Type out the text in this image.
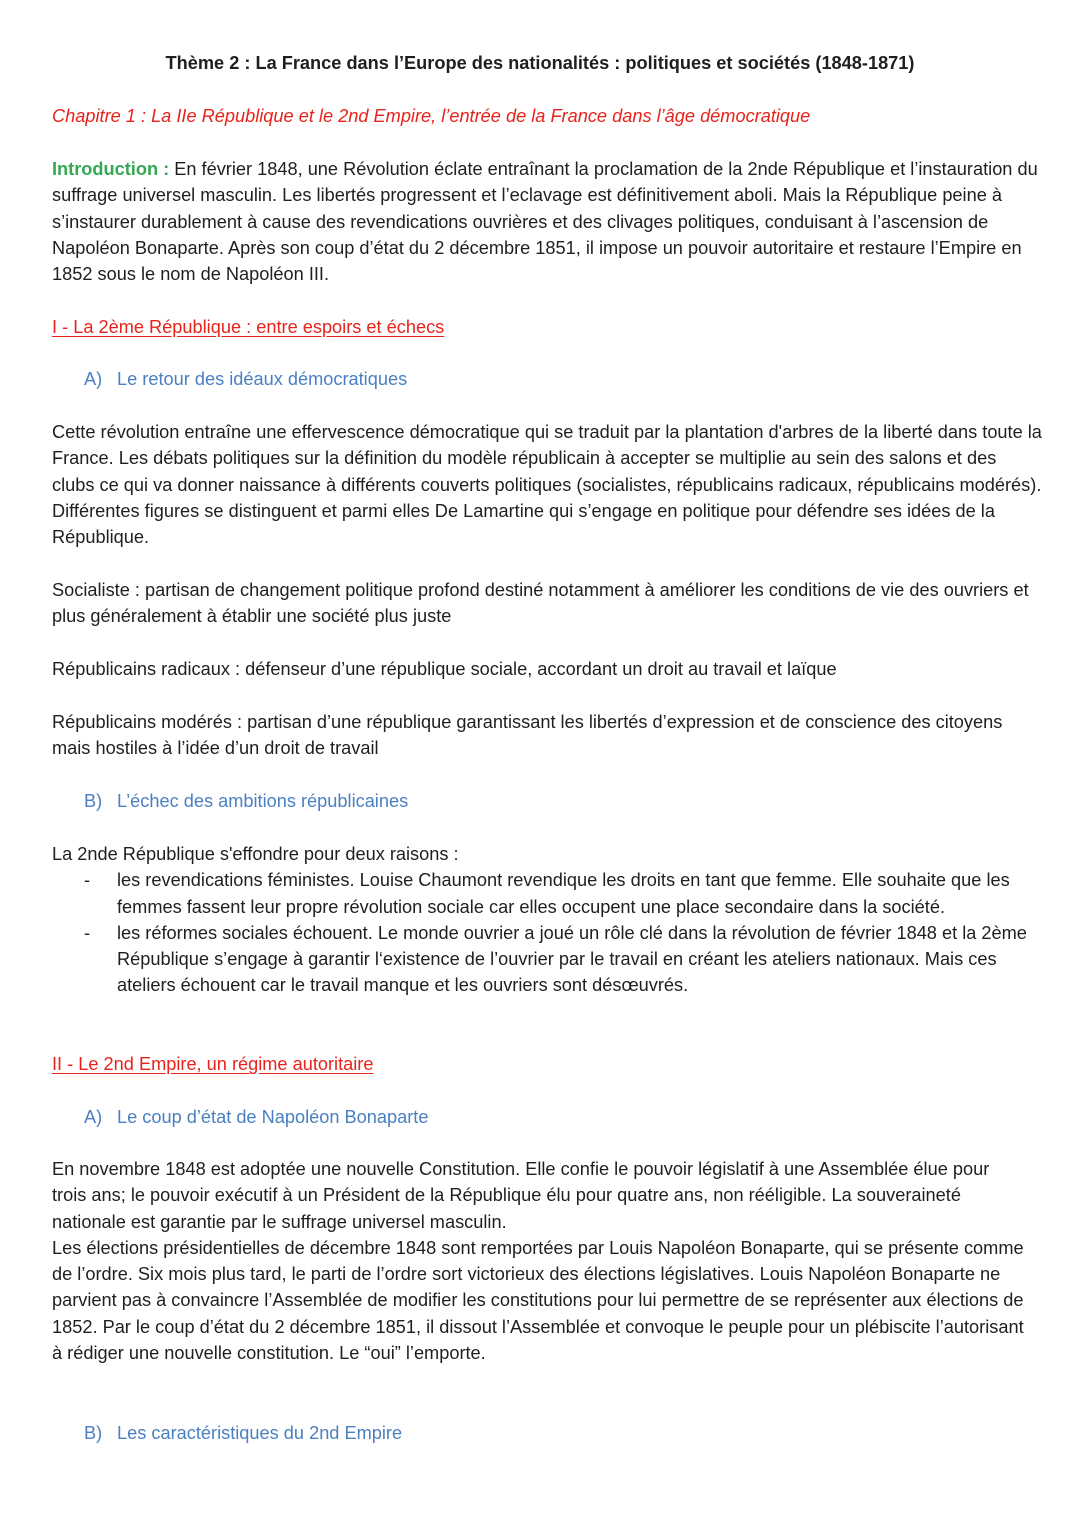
Thème 2 : La France dans l’Europe des nationalités : politiques et sociétés (1848-1871)

Chapitre 1 : La IIe République et le 2nd Empire, l’entrée de la France dans l’âge démocratique

Introduction : En février 1848, une Révolution éclate entraînant la proclamation de la 2nde République et l’instauration du suffrage universel masculin. Les libertés progressent et l’eclavage est définitivement aboli. Mais la République peine à s’instaurer durablement à cause des revendications ouvrières et des clivages politiques, conduisant à l’ascension de Napoléon Bonaparte. Après son coup d’état du 2 décembre 1851, il impose un pouvoir autoritaire et restaure l’Empire en 1852 sous le nom de Napoléon III.

I - La 2ème République : entre espoirs et échecs

A) Le retour des idéaux démocratiques

Cette révolution entraîne une effervescence démocratique qui se traduit par la plantation d'arbres de la liberté dans toute la France. Les débats politiques sur la définition du modèle républicain à accepter se multiplie au sein des salons et des clubs ce qui va donner naissance à différents couverts politiques (socialistes, républicains radicaux, républicains modérés). Différentes figures se distinguent et parmi elles De Lamartine qui s’engage en politique pour défendre ses idées de la République.

Socialiste : partisan de changement politique profond destiné notamment à améliorer les conditions de vie des ouvriers et plus généralement à établir une société plus juste

Républicains radicaux : défenseur d’une république sociale, accordant un droit au travail et laïque

Républicains modérés : partisan d’une république garantissant les libertés d’expression et de conscience des citoyens mais hostiles à l’idée d’un droit de travail

B) L’échec des ambitions républicaines

La 2nde République s'effondre pour deux raisons :
- les revendications féministes. Louise Chaumont revendique les droits en tant que femme. Elle souhaite que les femmes fassent leur propre révolution sociale car elles occupent une place secondaire dans la société.
- les réformes sociales échouent. Le monde ouvrier a joué un rôle clé dans la révolution de février 1848 et la 2ème République s’engage à garantir l‘existence de l’ouvrier par le travail en créant les ateliers nationaux. Mais ces ateliers échouent car le travail manque et les ouvriers sont désœuvrés.

II - Le 2nd Empire, un régime autoritaire

A) Le coup d’état de Napoléon Bonaparte

En novembre 1848 est adoptée une nouvelle Constitution. Elle confie le pouvoir législatif à une Assemblée élue pour trois ans; le pouvoir exécutif à un Président de la République élu pour quatre ans, non rééligible. La souveraineté nationale est garantie par le suffrage universel masculin.

Les élections présidentielles de décembre 1848 sont remportées par Louis Napoléon Bonaparte, qui se présente comme de l’ordre. Six mois plus tard, le parti de l’ordre sort victorieux des élections législatives. Louis Napoléon Bonaparte ne parvient pas à convaincre l’Assemblée de modifier les constitutions pour lui permettre de se représenter aux élections de 1852. Par le coup d’état du 2 décembre 1851, il dissout l’Assemblée et convoque le peuple pour un plébiscite l’autorisant à rédiger une nouvelle constitution. Le “oui” l’emporte.

B) Les caractéristiques du 2nd Empire
